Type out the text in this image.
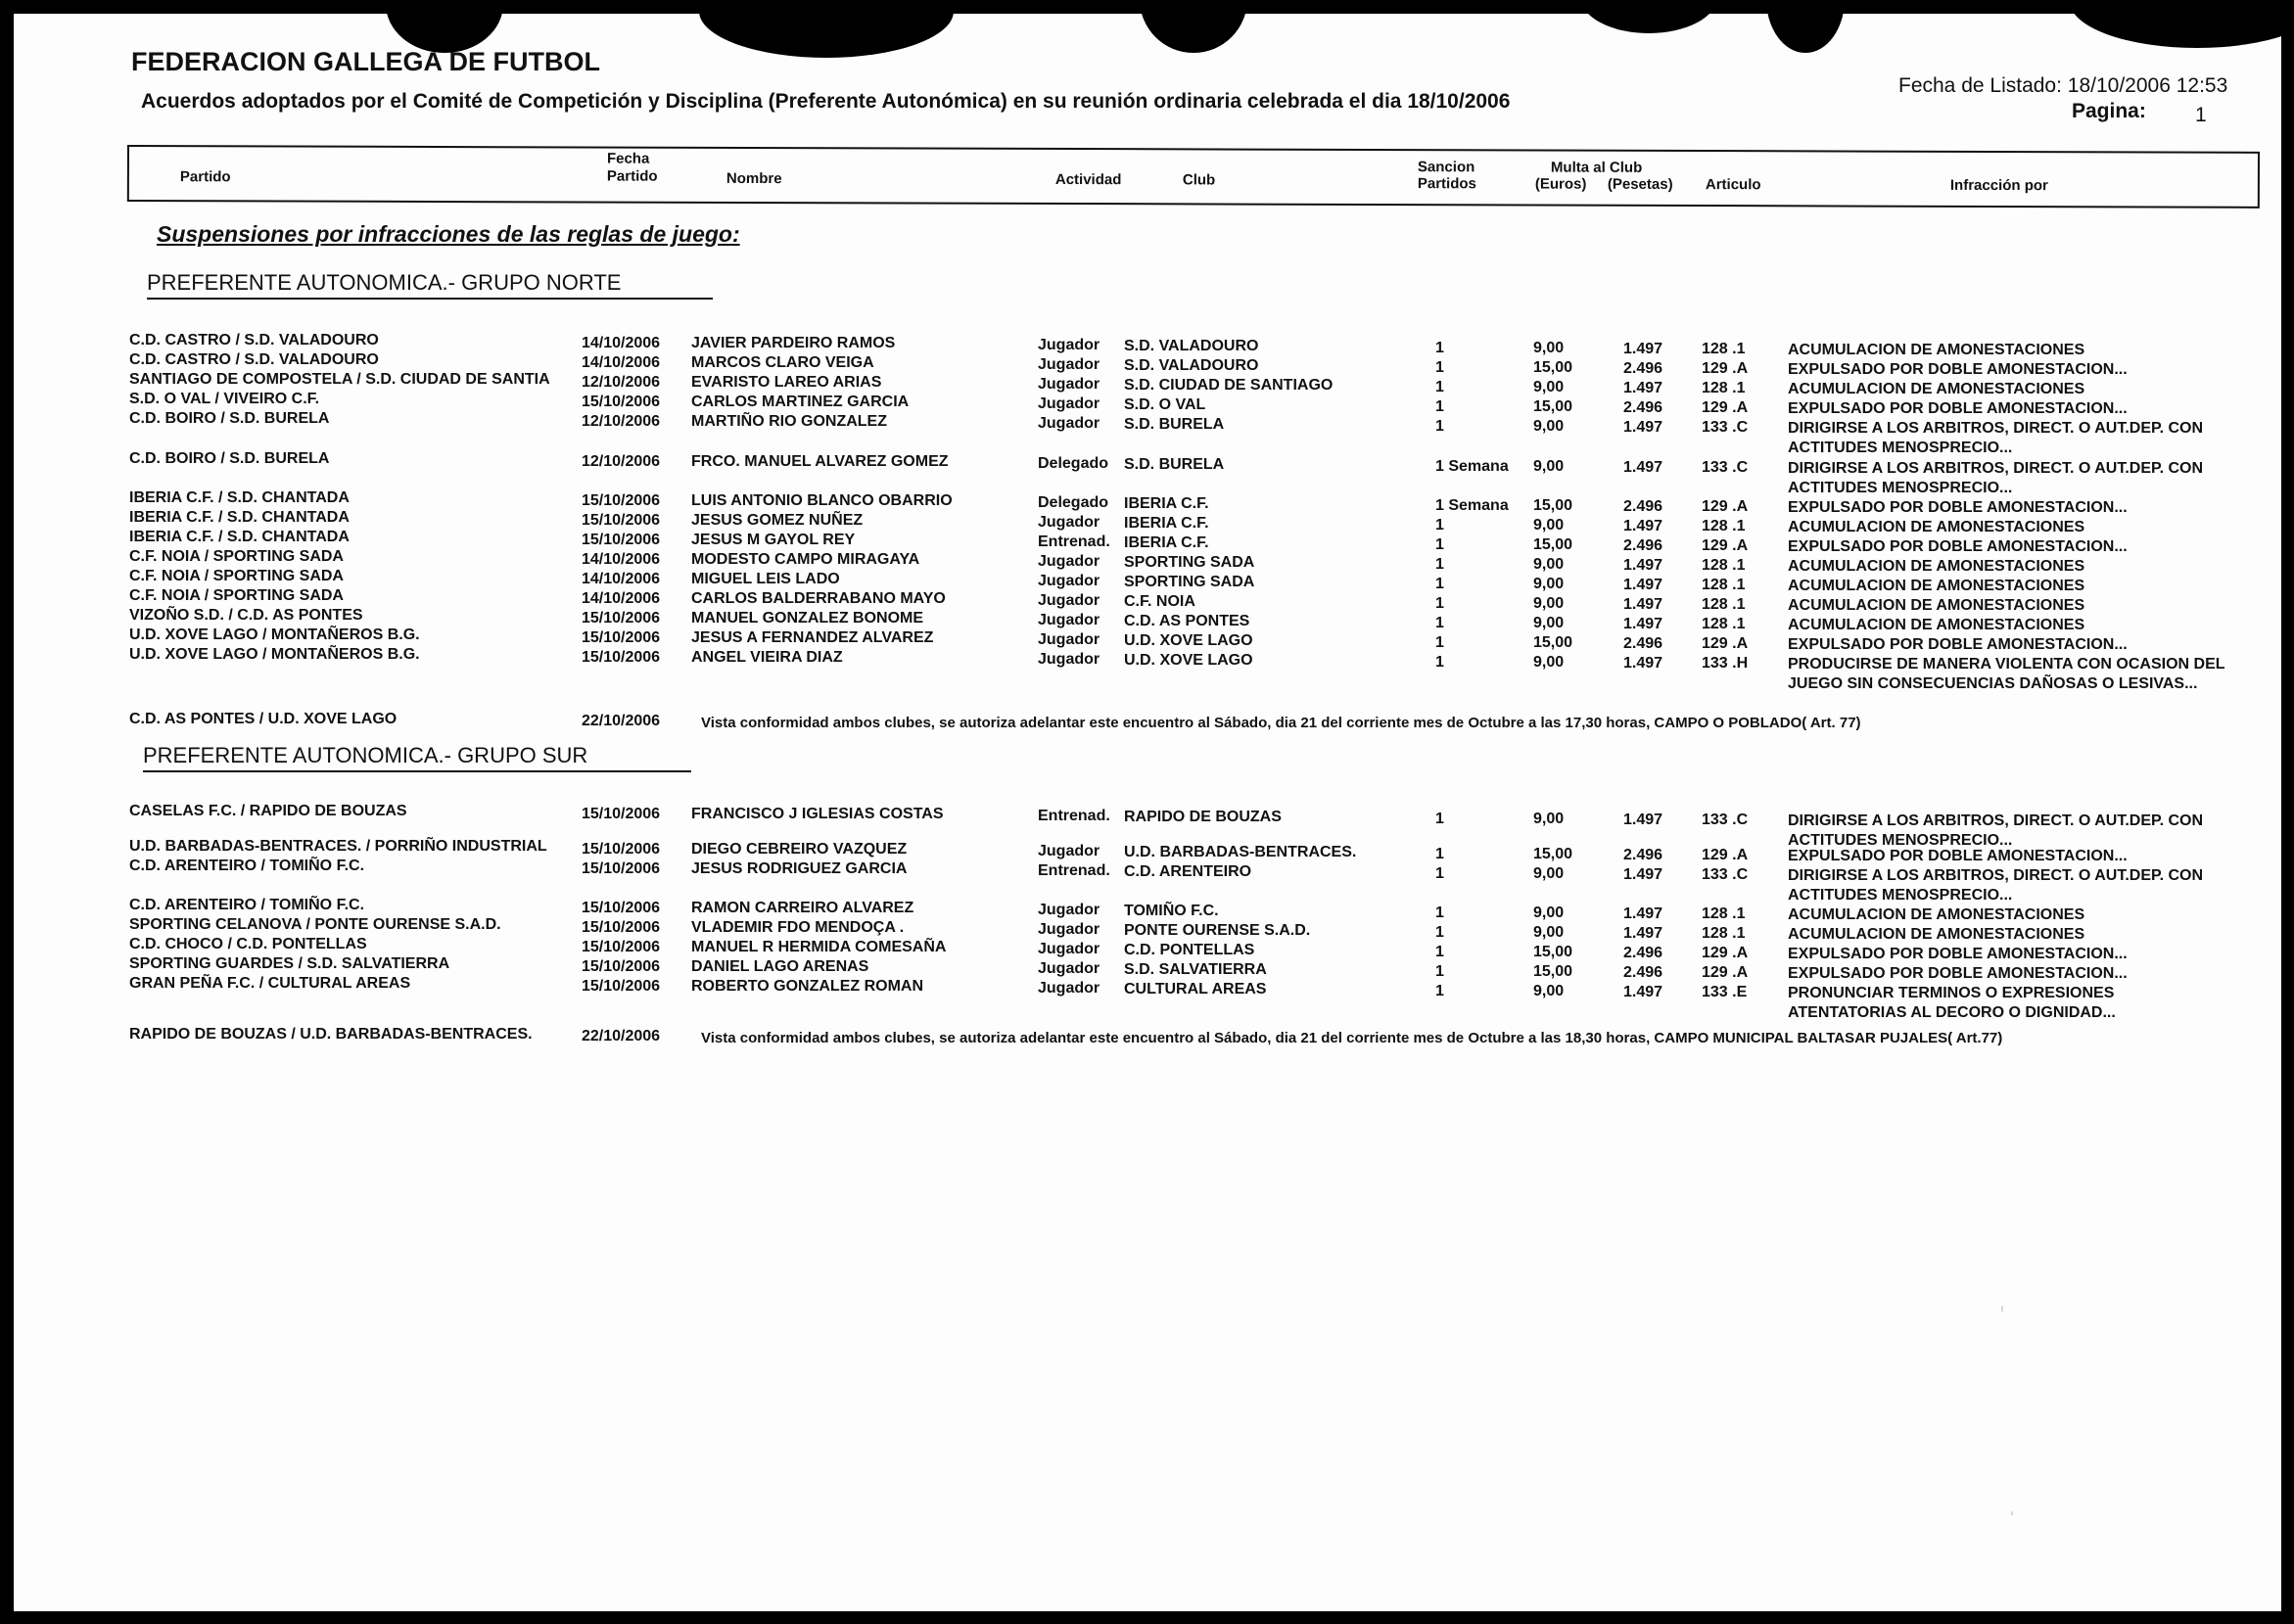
FEDERACION GALLEGA DE FUTBOL
Acuerdos adoptados por el Comité de Competición y Disciplina (Preferente Autonómica) en su reunión ordinaria celebrada el dia 18/10/2006
Fecha de Listado: 18/10/2006 12:53
Pagina: 1
Partido
Fecha
Partido	Nombre	Actividad	Club
Sancion
Partidos
Multa al Club
(Euros) (Pesetas) Articulo	Infracción por
Suspensiones por infracciones de las reglas de juego:
PREFERENTE AUTONOMICA.- GRUPO NORTE
C.D. CASTRO / S.D. VALADOURO	14/10/2006 JAVIER PARDEIRO RAMOS	Jugador S.D. VALADOURO	1	9,00	1.497 128 .1	ACUMULACION DE AMONESTACIONES
C.D. CASTRO / S.D. VALADOURO	14/10/2006 MARCOS CLARO VEIGA	Jugador S.D. VALADOURO	1	15,00	2.496 129 .A	EXPULSADO POR DOBLE AMONESTACION...
SANTIAGO DE COMPOSTELA / S.D. CIUDAD DE SANTIA 12/10/2006 EVARISTO LAREO ARIAS	Jugador S.D. CIUDAD DE SANTIAGO	1	9,00	1.497 128 .1	ACUMULACION DE AMONESTACIONES
S.D. O VAL / VIVEIRO C.F.	15/10/2006 CARLOS MARTINEZ GARCIA	Jugador S.D. O VAL	1	15,00	2.496 129 .A	EXPULSADO POR DOBLE AMONESTACION...
C.D. BOIRO / S.D. BURELA	12/10/2006 MARTIÑO RIO GONZALEZ	Jugador S.D. BURELA	1	9,00	1.497 133 .C	DIRIGIRSE A LOS ARBITROS, DIRECT. O AUT.DEP. CON
ACTITUDES MENOSPRECIO...
C.D. BOIRO / S.D. BURELA	12/10/2006 FRCO. MANUEL ALVAREZ GOMEZ	Delegado S.D. BURELA	1 Semana 9,00	1.497 133 .C	DIRIGIRSE A LOS ARBITROS, DIRECT. O AUT.DEP. CON
ACTITUDES MENOSPRECIO...
IBERIA C.F. / S.D. CHANTADA	15/10/2006 LUIS ANTONIO BLANCO OBARRIO	Delegado IBERIA C.F.	1 Semana 15,00	2.496 129 .A	EXPULSADO POR DOBLE AMONESTACION...
IBERIA C.F. / S.D. CHANTADA	15/10/2006 JESUS GOMEZ NUÑEZ	Jugador IBERIA C.F.	1	9,00	1.497 128 .1	ACUMULACION DE AMONESTACIONES
IBERIA C.F. / S.D. CHANTADA	15/10/2006 JESUS M GAYOL REY	Entrenad. IBERIA C.F.	1	15,00	2.496 129 .A	EXPULSADO POR DOBLE AMONESTACION...
C.F. NOIA / SPORTING SADA	14/10/2006 MODESTO CAMPO MIRAGAYA	Jugador SPORTING SADA	1	9,00	1.497 128 .1	ACUMULACION DE AMONESTACIONES
C.F. NOIA / SPORTING SADA	14/10/2006 MIGUEL LEIS LADO	Jugador SPORTING SADA	1	9,00	1.497 128 .1	ACUMULACION DE AMONESTACIONES
C.F. NOIA / SPORTING SADA	14/10/2006 CARLOS BALDERRABANO MAYO	Jugador C.F. NOIA	1	9,00	1.497 128 .1	ACUMULACION DE AMONESTACIONES
VIZOÑO S.D. / C.D. AS PONTES	15/10/2006 MANUEL GONZALEZ BONOME	Jugador C.D. AS PONTES	1	9,00	1.497 128 .1	ACUMULACION DE AMONESTACIONES
U.D. XOVE LAGO / MONTAÑEROS B.G.	15/10/2006 JESUS A FERNANDEZ ALVAREZ	Jugador U.D. XOVE LAGO	1	15,00	2.496 129 .A	EXPULSADO POR DOBLE AMONESTACION...
U.D. XOVE LAGO / MONTAÑEROS B.G.	15/10/2006 ANGEL VIEIRA DIAZ	Jugador U.D. XOVE LAGO	1	9,00	1.497 133 .H	PRODUCIRSE DE MANERA VIOLENTA CON OCASION DEL
JUEGO SIN CONSECUENCIAS DAÑOSAS O LESIVAS...
C.D. AS PONTES / U.D. XOVE LAGO	22/10/2006	Vista conformidad ambos clubes, se autoriza adelantar este encuentro al Sábado, dia 21 del corriente mes de Octubre a las 17,30 horas, CAMPO O POBLADO( Art. 77)
PREFERENTE AUTONOMICA.- GRUPO SUR
CASELAS F.C. / RAPIDO DE BOUZAS	15/10/2006 FRANCISCO J IGLESIAS COSTAS	Entrenad. RAPIDO DE BOUZAS	1	9,00	1.497 133 .C	DIRIGIRSE A LOS ARBITROS, DIRECT. O AUT.DEP. CON
ACTITUDES MENOSPRECIO...
U.D. BARBADAS-BENTRACES. / PORRIÑO INDUSTRIAL 15/10/2006 DIEGO CEBREIRO VAZQUEZ	Jugador U.D. BARBADAS-BENTRACES.	1	15,00	2.496 129 .A	EXPULSADO POR DOBLE AMONESTACION...
C.D. ARENTEIRO / TOMIÑO F.C.	15/10/2006 JESUS RODRIGUEZ GARCIA	Entrenad. C.D. ARENTEIRO	1	9,00	1.497 133 .C	DIRIGIRSE A LOS ARBITROS, DIRECT. O AUT.DEP. CON
ACTITUDES MENOSPRECIO...
C.D. ARENTEIRO / TOMIÑO F.C.	15/10/2006 RAMON CARREIRO ALVAREZ	Jugador TOMIÑO F.C.	1	9,00	1.497 128 .1	ACUMULACION DE AMONESTACIONES
SPORTING CELANOVA / PONTE OURENSE S.A.D.	15/10/2006 VLADEMIR FDO MENDOÇA .	Jugador PONTE OURENSE S.A.D.	1	9,00	1.497 128 .1	ACUMULACION DE AMONESTACIONES
C.D. CHOCO / C.D. PONTELLAS	15/10/2006 MANUEL R HERMIDA COMESAÑA	Jugador C.D. PONTELLAS	1	15,00	2.496 129 .A	EXPULSADO POR DOBLE AMONESTACION...
SPORTING GUARDES / S.D. SALVATIERRA	15/10/2006 DANIEL LAGO ARENAS	Jugador S.D. SALVATIERRA	1	15,00	2.496 129 .A	EXPULSADO POR DOBLE AMONESTACION...
GRAN PEÑA F.C. / CULTURAL AREAS	15/10/2006 ROBERTO GONZALEZ ROMAN	Jugador CULTURAL AREAS	1	9,00	1.497 133 .E	PRONUNCIAR TERMINOS O EXPRESIONES
ATENTATORIAS AL DECORO O DIGNIDAD...
RAPIDO DE BOUZAS / U.D. BARBADAS-BENTRACES.	22/10/2006	Vista conformidad ambos clubes, se autoriza adelantar este encuentro al Sábado, dia 21 del corriente mes de Octubre a las 18,30 horas, CAMPO MUNICIPAL BALTASAR PUJALES( Art.77)
